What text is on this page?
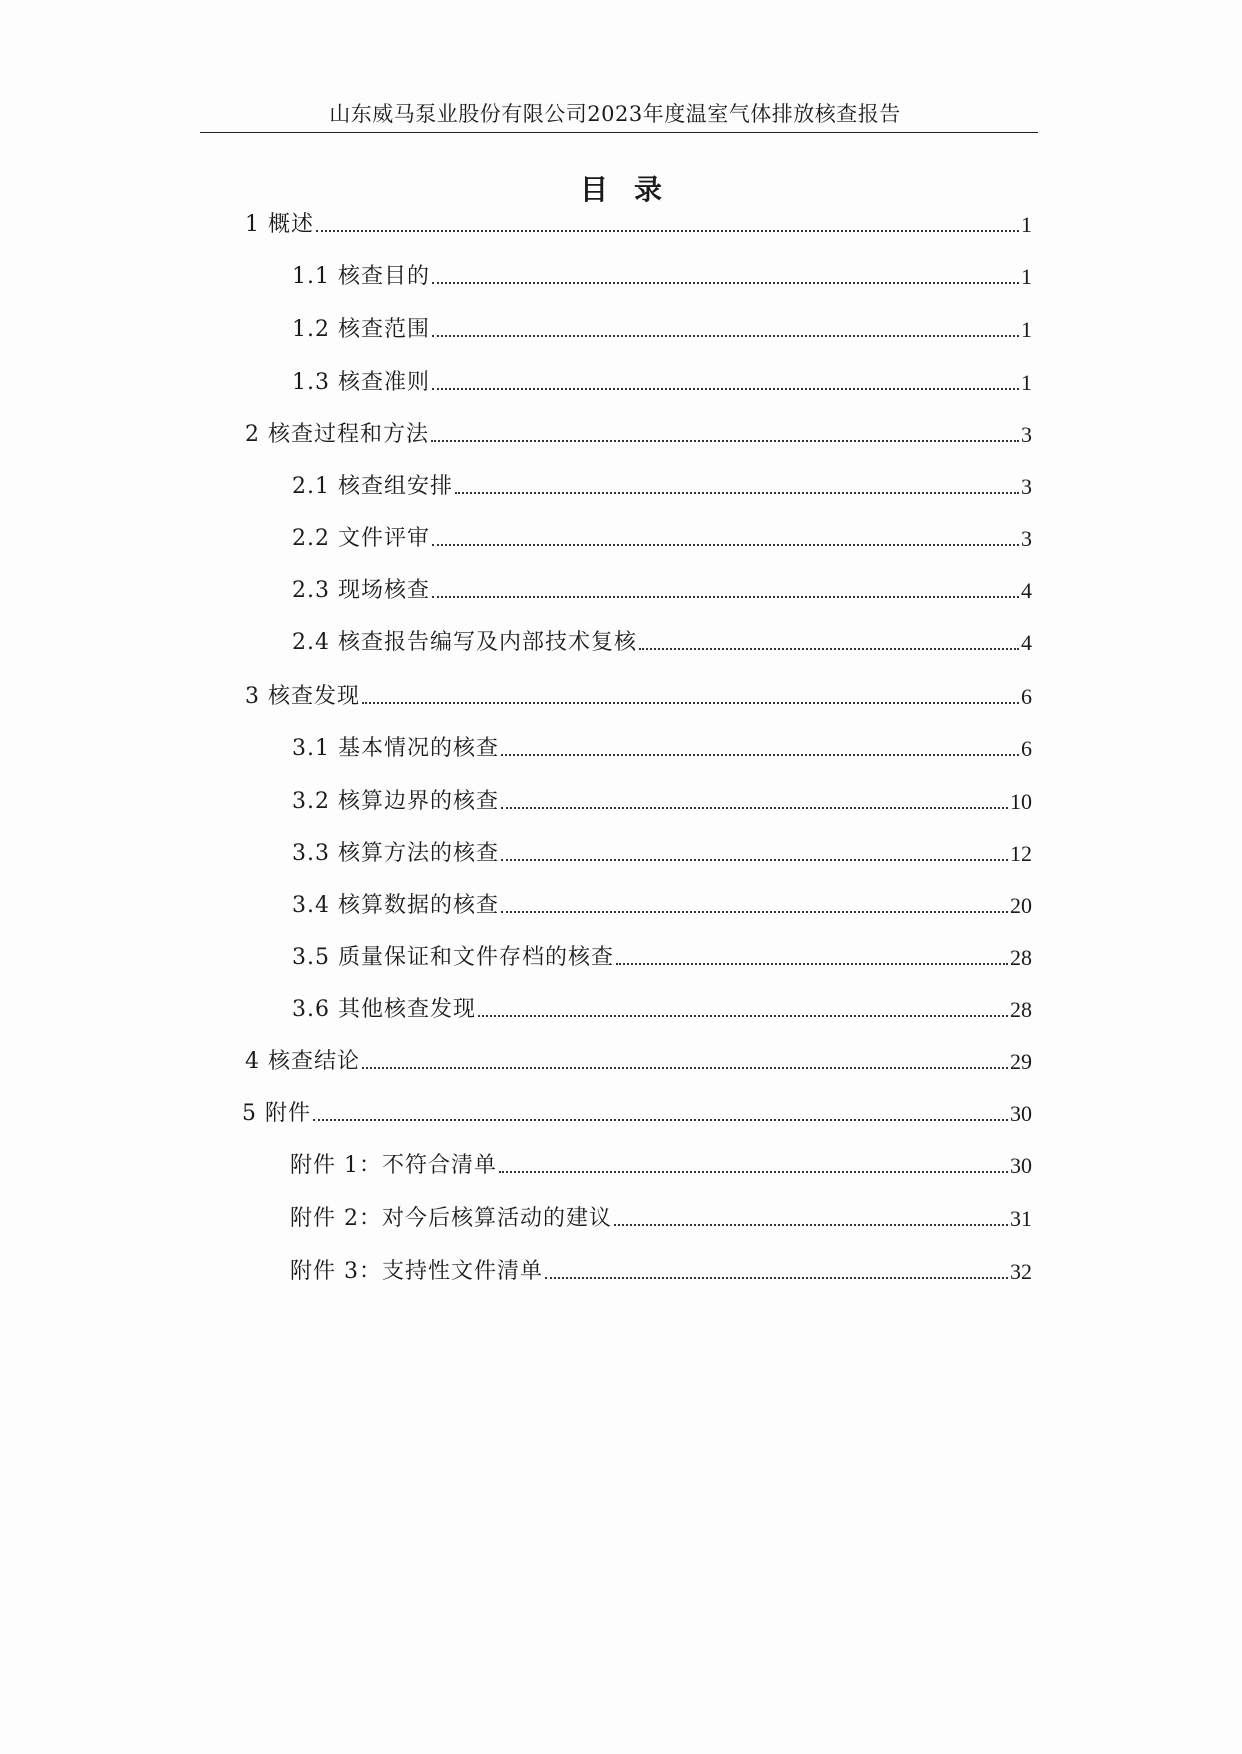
山东威马泵业股份有限公司2023年度温室气体排放核查报告
目录
1 概述	1
1.1 核查目的	1
1.2 核查范围	1
1.3 核查准则	1
2 核查过程和方法	3
2.1 核查组安排	3
2.2 文件评审	3
2.3 现场核查	4
2.4 核查报告编写及内部技术复核	4
3 核查发现	6
3.1 基本情况的核查	6
3.2 核算边界的核查	10
3.3 核算方法的核查	12
3.4 核算数据的核查	20
3.5 质量保证和文件存档的核查	28
3.6 其他核查发现	28
4 核查结论	29
5 附件	30
附件 1：不符合清单	30
附件 2：对今后核算活动的建议	31
附件 3：支持性文件清单	32
